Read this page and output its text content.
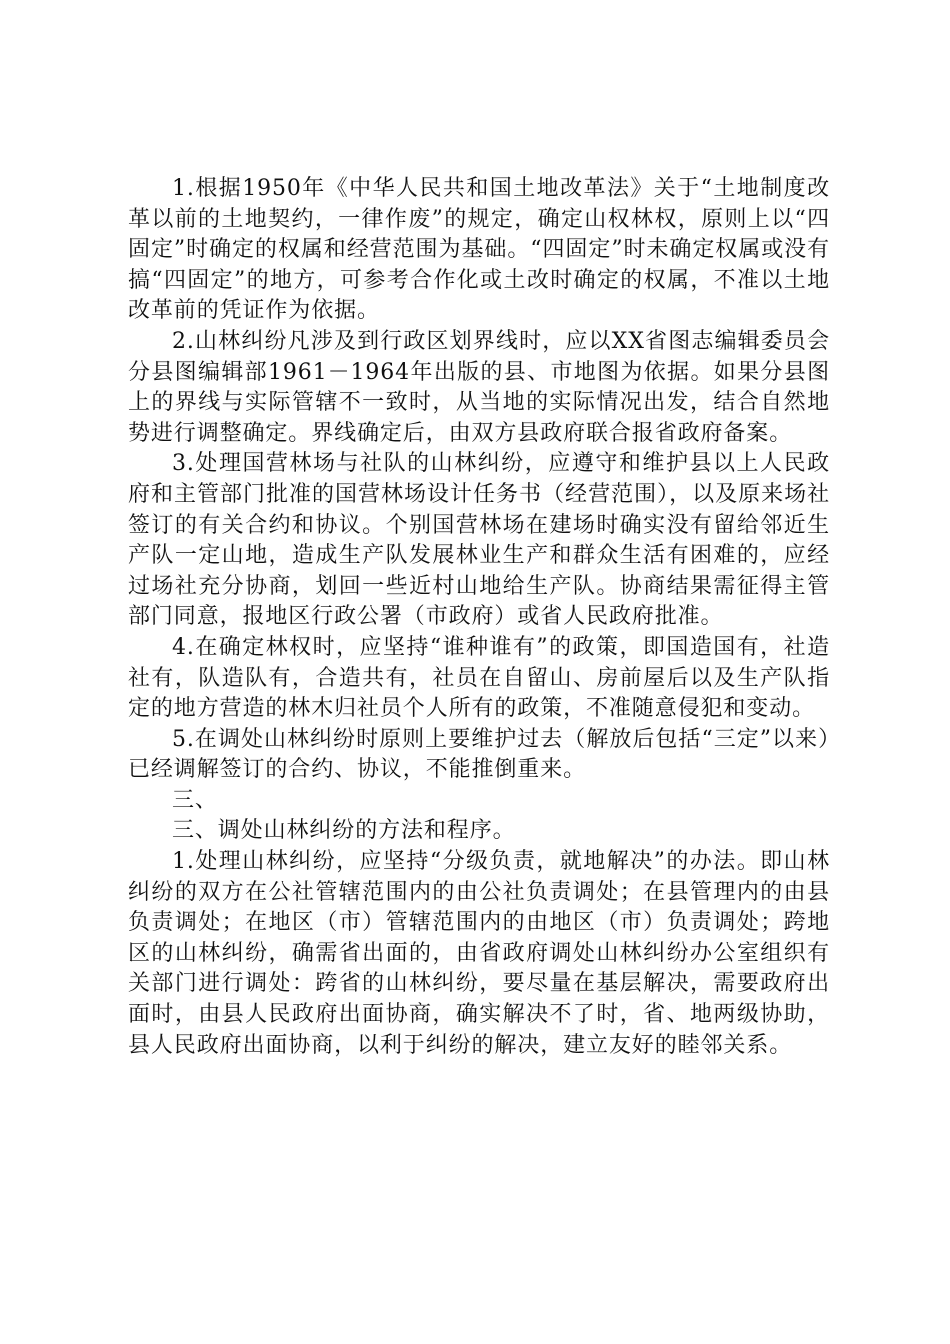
1.根据1950年《中华人民共和国土地改革法》关于“土地制度改革以前的土地契约，一律作废”的规定，确定山权林权，原则上以“四固定”时确定的权属和经营范围为基础。“四固定”时未确定权属或没有搞“四固定”的地方，可参考合作化或土改时确定的权属，不准以土地改革前的凭证作为依据。

2.山林纠纷凡涉及到行政区划界线时，应以XX省图志编辑委员会分县图编辑部1961－1964年出版的县、市地图为依据。如果分县图上的界线与实际管辖不一致时，从当地的实际情况出发，结合自然地势进行调整确定。界线确定后，由双方县政府联合报省政府备案。

3.处理国营林场与社队的山林纠纷，应遵守和维护县以上人民政府和主管部门批准的国营林场设计任务书（经营范围），以及原来场社签订的有关合约和协议。个别国营林场在建场时确实没有留给邻近生产队一定山地，造成生产队发展林业生产和群众生活有困难的，应经过场社充分协商，划回一些近村山地给生产队。协商结果需征得主管部门同意，报地区行政公署（市政府）或省人民政府批准。

4.在确定林权时，应坚持“谁种谁有”的政策，即国造国有，社造社有，队造队有，合造共有，社员在自留山、房前屋后以及生产队指定的地方营造的林木归社员个人所有的政策，不准随意侵犯和变动。

5.在调处山林纠纷时原则上要维护过去（解放后包括“三定”以来）已经调解签订的合约、协议，不能推倒重来。

三、

三、调处山林纠纷的方法和程序。

1.处理山林纠纷，应坚持“分级负责，就地解决”的办法。即山林纠纷的双方在公社管辖范围内的由公社负责调处；在县管理内的由县负责调处；在地区（市）管辖范围内的由地区（市）负责调处；跨地区的山林纠纷，确需省出面的，由省政府调处山林纠纷办公室组织有关部门进行调处：跨省的山林纠纷，要尽量在基层解决，需要政府出面时，由县人民政府出面协商，确实解决不了时，省、地两级协助，县人民政府出面协商，以利于纠纷的解决，建立友好的睦邻关系。
